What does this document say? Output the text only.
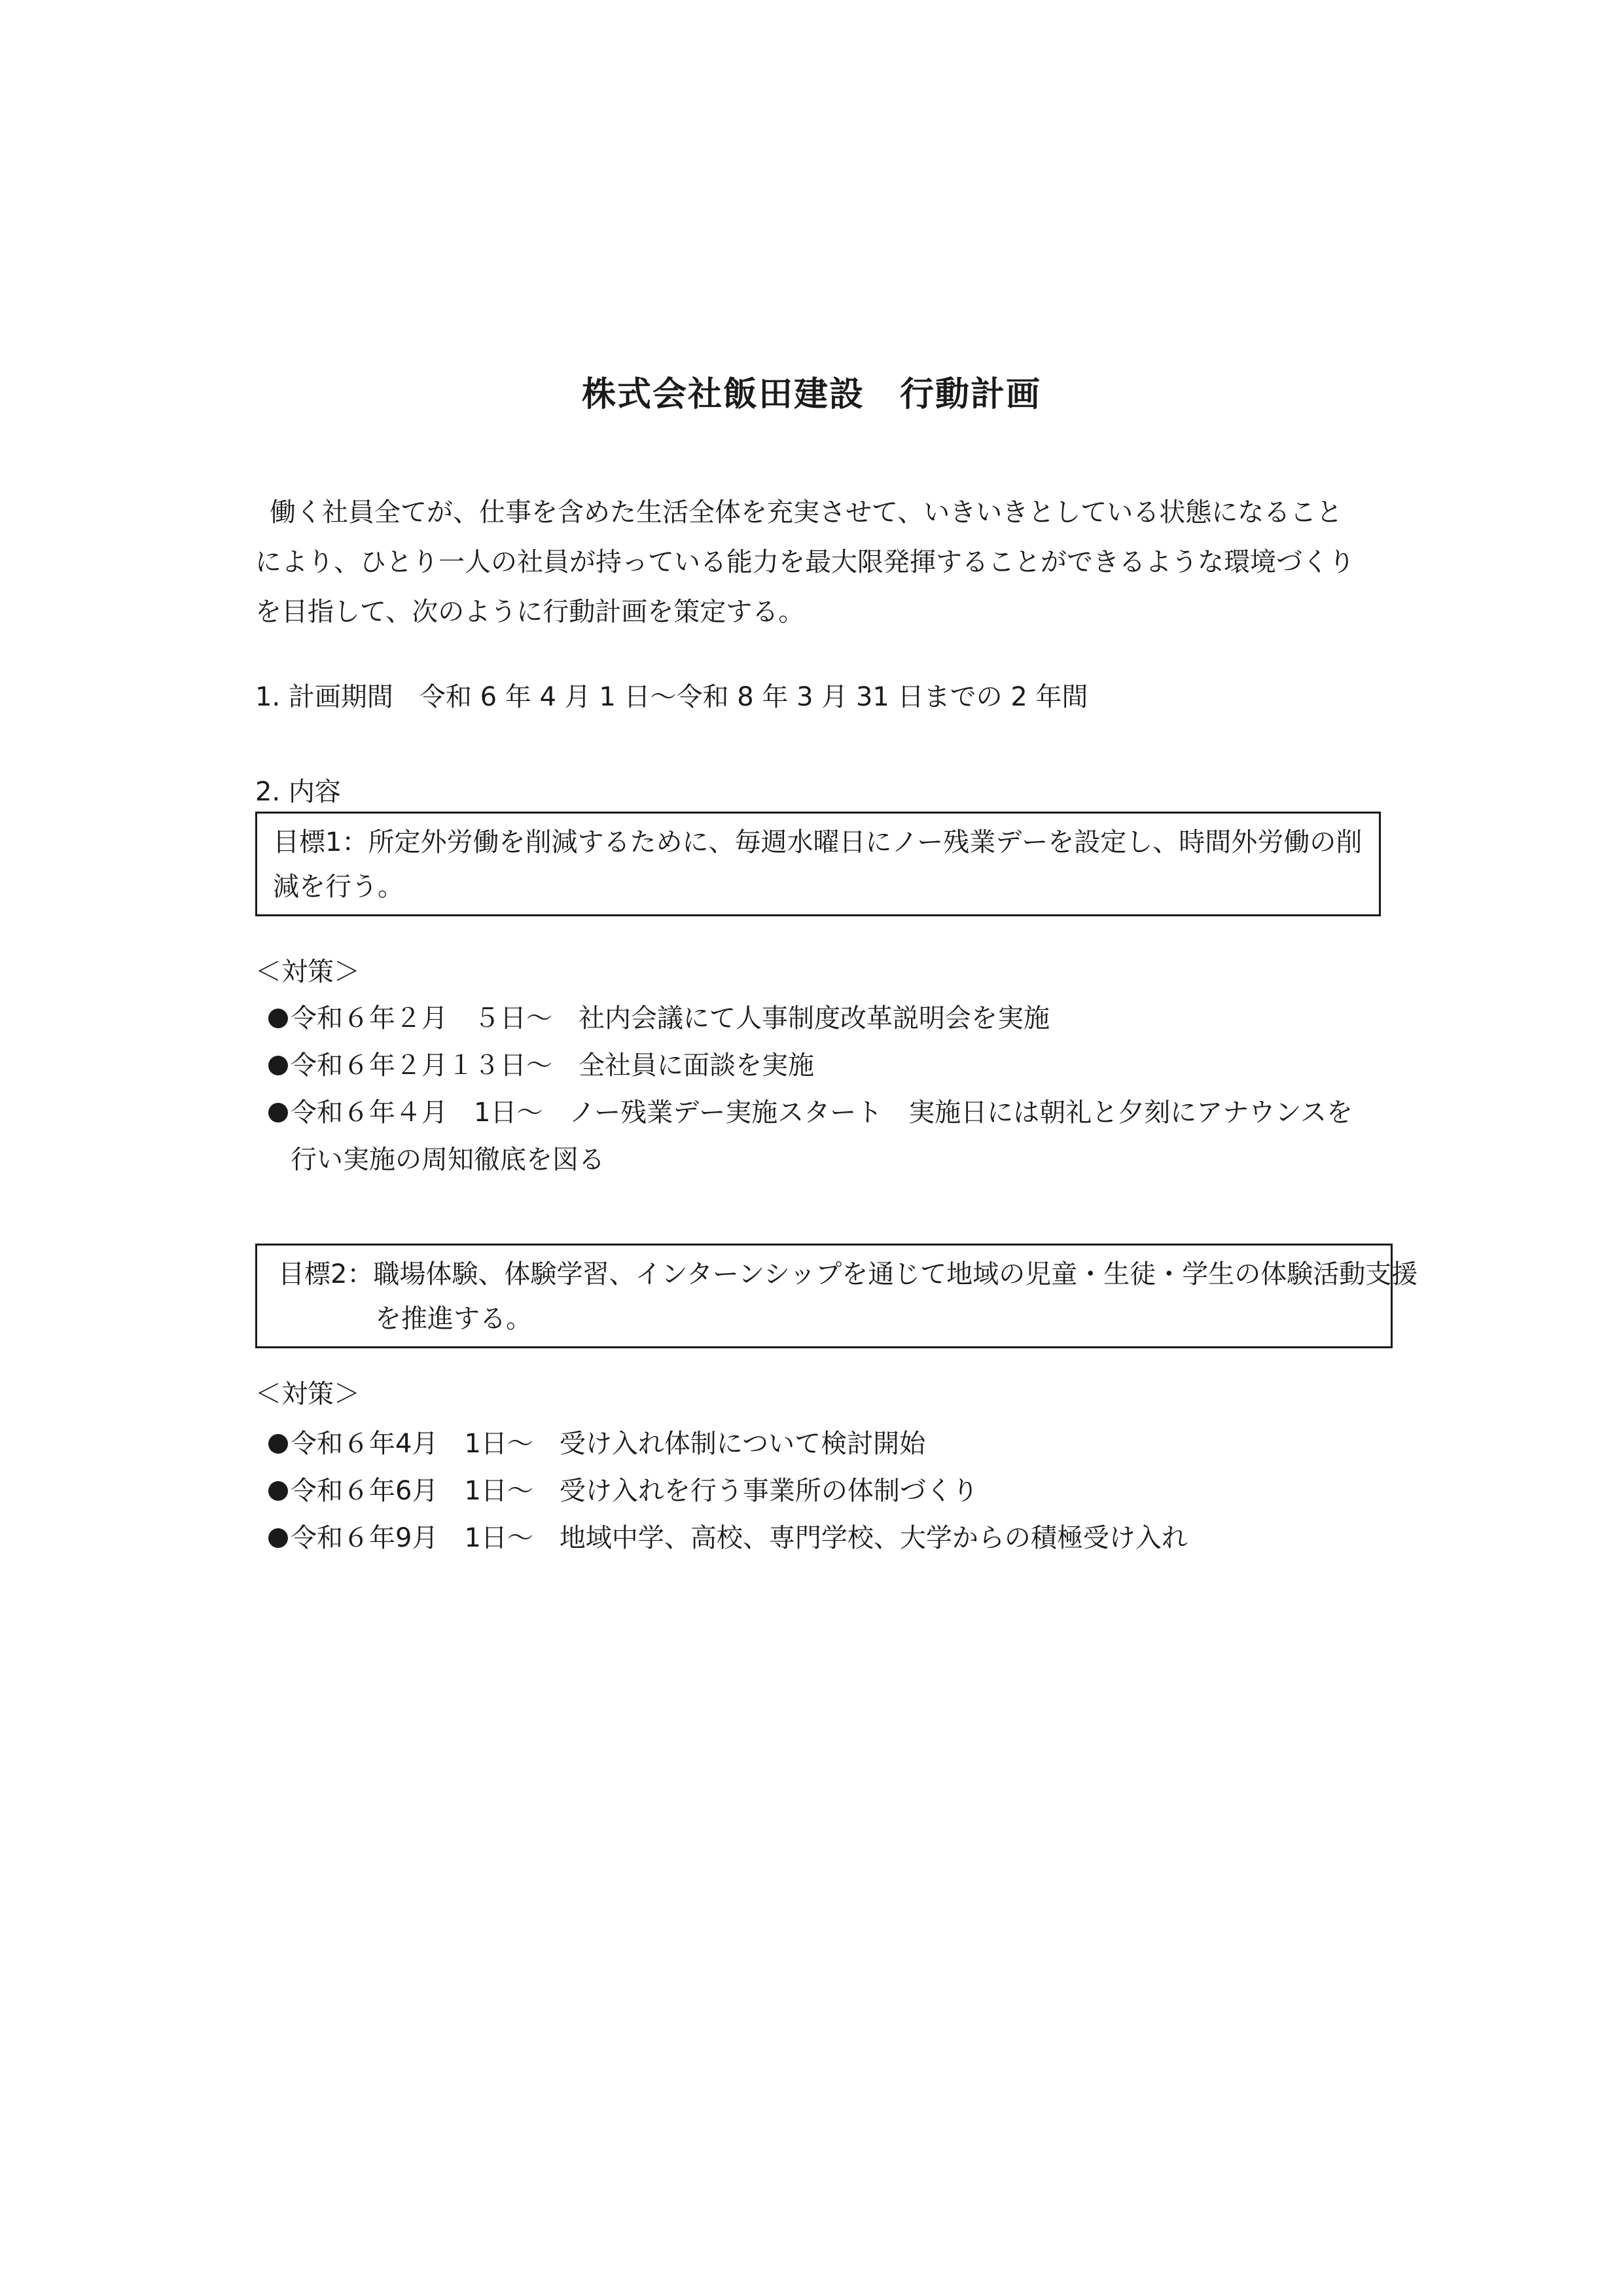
株式会社飯田建設　行動計画

働く社員全てが、仕事を含めた生活全体を充実させて、いきいきとしている状態になること

により、ひとり一人の社員が持っている能力を最大限発揮することができるような環境づくり

を目指して、次のように行動計画を策定する。

1. 計画期間　令和 6 年 4 月 1 日～令和 8 年 3 月 31 日までの 2 年間
2. 内容

目標1：所定外労働を削減するために、毎週水曜日にノー残業デーを設定し、時間外労働の削

減を行う。

＜対策＞
令和６年２月　５日～　社内会議にて人事制度改革説明会を実施
令和６年２月１３日～　全社員に面談を実施
令和６年４月　1日～　ノー残業デー実施スタート　実施日には朝礼と夕刻にアナウンスを
行い実施の周知徹底を図る

目標2：職場体験、体験学習、インターンシップを通じて地域の児童・生徒・学生の体験活動支援

を推進する。

＜対策＞
令和６年4月　1日～　受け入れ体制について検討開始
令和６年6月　1日～　受け入れを行う事業所の体制づくり
令和６年9月　1日～　地域中学、高校、専門学校、大学からの積極受け入れ
